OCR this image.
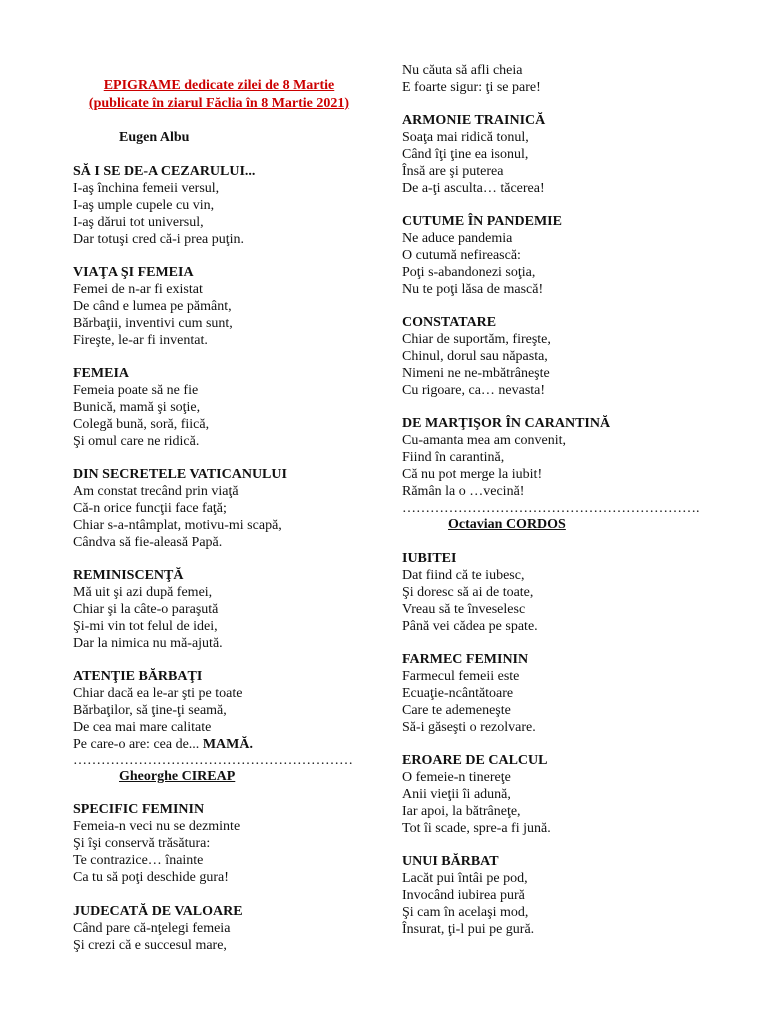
EPIGRAME dedicate zilei de 8 Martie
(publicate în ziarul Făclia în 8 Martie 2021)
Eugen Albu
SĂ I SE DE-A CEZARULUI...
I-aş închina femeii versul,
I-aş umple cupele cu vin,
I-aş dărui tot universul,
Dar totuşi cred că-i prea puţin.
VIAŢA ŞI FEMEIA
Femei de n-ar fi existat
De când e lumea pe pământ,
Bărbaţii, inventivi cum sunt,
Fireşte, le-ar fi inventat.
FEMEIA
Femeia poate să ne fie
Bunică, mamă şi soţie,
Colegă bună, soră, fiică,
Şi omul care ne ridică.
DIN SECRETELE VATICANULUI
Am constat trecând prin viaţă
Că-n orice funcţii face faţă;
Chiar s-a-ntâmplat, motivu-mi scapă,
Cândva să fie-aleasă Papă.
REMINISCENŢĂ
Mă uit şi azi după femei,
Chiar şi la câte-o paraşută
Şi-mi vin tot felul de idei,
Dar la nimica nu mă-ajută.
ATENŢIE BĂRBAŢI
Chiar dacă ea le-ar şti pe toate
Bărbaţilor, să ţine-ţi seamă,
De cea mai mare calitate
Pe care-o are: cea de... MAMĂ.
……………………………………………………
Gheorghe CIREAP
SPECIFIC FEMININ
Femeia-n veci nu se dezminte
Şi îşi conservă trăsătura:
Te contrazice… înainte
Ca tu să poţi deschide gura!
JUDECATĂ DE VALOARE
Când pare că-nţelegi femeia
Şi crezi că e succesul mare,
Nu căuta să afli cheia
E foarte sigur: ţi se pare!
ARMONIE TRAINICĂ
Soaţa mai ridică tonul,
Când îţi ţine ea isonul,
Însă are şi puterea
De a-ţi asculta… tăcerea!
CUTUME ÎN PANDEMIE
Ne aduce pandemia
O cutumă nefirească:
Poţi s-abandonezi soţia,
Nu te poţi lăsa de mască!
CONSTATARE
Chiar de suportăm, fireşte,
Chinul, dorul sau năpasta,
Nimeni ne ne-mbătrâneşte
Cu rigoare, ca… nevasta!
DE MARŢIŞOR ÎN CARANTINĂ
Cu-amanta mea am convenit,
Fiind în carantină,
Că nu pot merge la iubit!
Rămân la o …vecină!
……………………………………………………….
Octavian CORDOS
IUBITEI
Dat fiind că te iubesc,
Şi doresc să ai de toate,
Vreau să te înveselesc
Până vei cădea pe spate.
FARMEC FEMININ
Farmecul femeii este
Ecuaţie-ncântătoare
Care te ademeneşte
Să-i găseşti o rezolvare.
EROARE DE CALCUL
O femeie-n tinereţe
Anii vieţii îi adună,
Iar apoi, la bătrâneţe,
Tot îi scade, spre-a fi jună.
UNUI BĂRBAT
Lacăt pui întâi pe pod,
Invocând iubirea pură
Şi cam în acelaşi mod,
Însurat, ţi-l pui pe gură.
